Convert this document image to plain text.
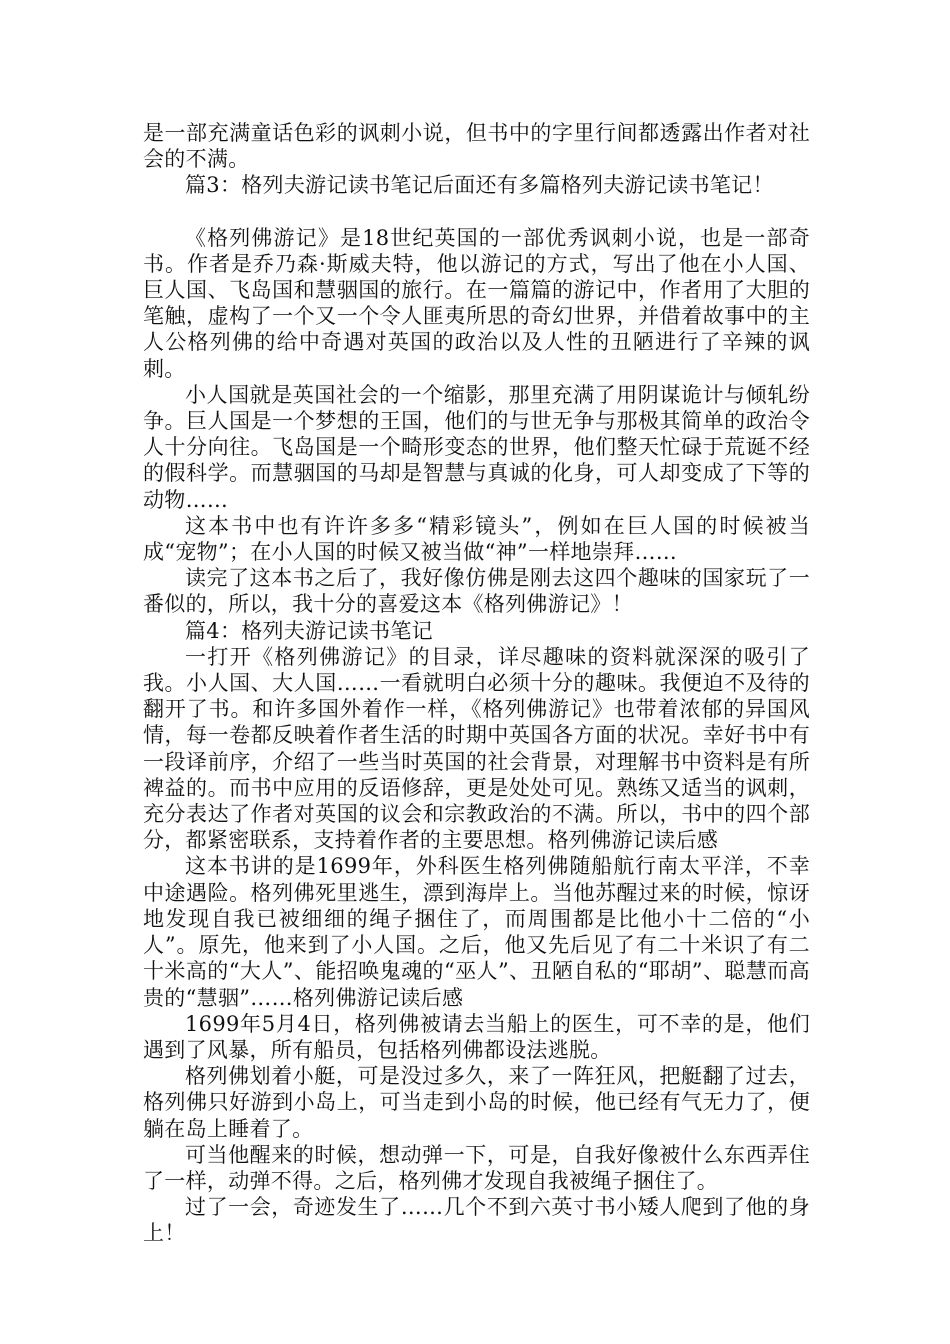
是一部充满童话色彩的讽刺小说，但书中的字里行间都透露出作者对社会的不满。

篇3：格列夫游记读书笔记后面还有多篇格列夫游记读书笔记！

《格列佛游记》是18世纪英国的一部优秀讽刺小说，也是一部奇书。作者是乔乃森·斯威夫特，他以游记的方式，写出了他在小人国、巨人国、飞岛国和慧骃国的旅行。在一篇篇的游记中，作者用了大胆的笔触，虚构了一个又一个令人匪夷所思的奇幻世界，并借着故事中的主人公格列佛的给中奇遇对英国的政治以及人性的丑陋进行了辛辣的讽刺。

小人国就是英国社会的一个缩影，那里充满了用阴谋诡计与倾轧纷争。巨人国是一个梦想的王国，他们的与世无争与那极其简单的政治令人十分向往。飞岛国是一个畸形变态的世界，他们整天忙碌于荒诞不经的假科学。而慧骃国的马却是智慧与真诚的化身，可人却变成了下等的动物……

这本书中也有许许多多“精彩镜头”，例如在巨人国的时候被当成“宠物”；在小人国的时候又被当做“神”一样地崇拜……

读完了这本书之后了，我好像仿佛是刚去这四个趣味的国家玩了一番似的，所以，我十分的喜爱这本《格列佛游记》！

篇4：格列夫游记读书笔记

一打开《格列佛游记》的目录，详尽趣味的资料就深深的吸引了我。小人国、大人国……一看就明白必须十分的趣味。我便迫不及待的翻开了书。和许多国外着作一样，《格列佛游记》也带着浓郁的异国风情，每一卷都反映着作者生活的时期中英国各方面的状况。幸好书中有一段译前序，介绍了一些当时英国的社会背景，对理解书中资料是有所裨益的。而书中应用的反语修辞，更是处处可见。熟练又适当的讽刺，充分表达了作者对英国的议会和宗教政治的不满。所以，书中的四个部分，都紧密联系，支持着作者的主要思想。格列佛游记读后感

这本书讲的是1699年，外科医生格列佛随船航行南太平洋，不幸中途遇险。格列佛死里逃生，漂到海岸上。当他苏醒过来的时候，惊讶地发现自我已被细细的绳子捆住了，而周围都是比他小十二倍的“小人”。原先，他来到了小人国。之后，他又先后见了有二十米识了有二十米高的“大人”、能招唤鬼魂的“巫人”、丑陋自私的“耶胡”、聪慧而高贵的“慧骃”……格列佛游记读后感

1699年5月4日，格列佛被请去当船上的医生，可不幸的是，他们遇到了风暴，所有船员，包括格列佛都设法逃脱。

格列佛划着小艇，可是没过多久，来了一阵狂风，把艇翻了过去，格列佛只好游到小岛上，可当走到小岛的时候，他已经有气无力了，便躺在岛上睡着了。

可当他醒来的时候，想动弹一下，可是，自我好像被什么东西弄住了一样，动弹不得。之后，格列佛才发现自我被绳子捆住了。

过了一会，奇迹发生了……几个不到六英寸书小矮人爬到了他的身上！
